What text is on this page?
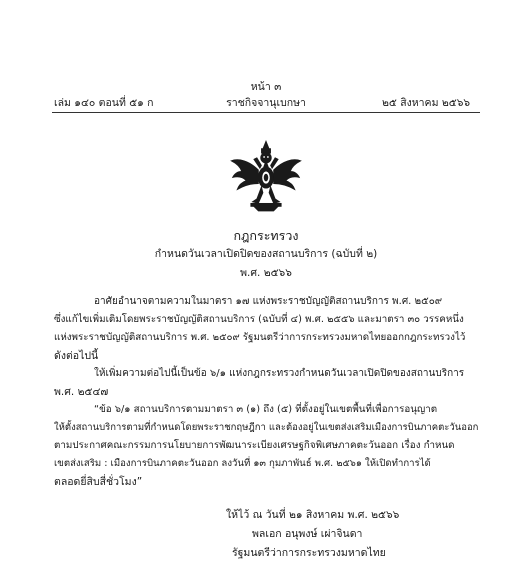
หน้า ๓
เล่ม ๑๔๐ ตอนที่ ๕๑ ก	ราชกิจจานุเบกษา	๒๕ สิงหาคม ๒๕๖๖
กฎกระทรวง
กำหนดวันเวลาเปิดปิดของสถานบริการ (ฉบับที่ ๒)
พ.ศ. ๒๕๖๖
อาศัยอำนาจตามความในมาตรา ๑๗ แห่งพระราชบัญญัติสถานบริการ พ.ศ. ๒๕๐๙
ซึ่งแก้ไขเพิ่มเติมโดยพระราชบัญญัติสถานบริการ (ฉบับที่ ๔) พ.ศ. ๒๕๕๖ และมาตรา ๓๐ วรรคหนึ่ง
แห่งพระราชบัญญัติสถานบริการ พ.ศ. ๒๕๐๙ รัฐมนตรีว่าการกระทรวงมหาดไทยออกกฎกระทรวงไว้
ดังต่อไปนี้
ให้เพิ่มความต่อไปนี้เป็นข้อ ๖/๑ แห่งกฎกระทรวงกำหนดวันเวลาเปิดปิดของสถานบริการ
พ.ศ. ๒๕๔๗
“ข้อ ๖/๑ สถานบริการตามมาตรา ๓ (๑) ถึง (๕) ที่ตั้งอยู่ในเขตพื้นที่เพื่อการอนุญาต
ให้ตั้งสถานบริการตามที่กำหนดโดยพระราชกฤษฎีกา และต้องอยู่ในเขตส่งเสริมเมืองการบินภาคตะวันออก
ตามประกาศคณะกรรมการนโยบายการพัฒนาระเบียงเศรษฐกิจพิเศษภาคตะวันออก เรื่อง กำหนด
เขตส่งเสริม : เมืองการบินภาคตะวันออก ลงวันที่ ๑๓ กุมภาพันธ์ พ.ศ. ๒๕๖๑ ให้เปิดทำการได้
ตลอดยี่สิบสี่ชั่วโมง”
ให้ไว้ ณ วันที่ ๒๑ สิงหาคม พ.ศ. ๒๕๖๖
พลเอก อนุพงษ์ เผ่าจินดา
รัฐมนตรีว่าการกระทรวงมหาดไทย
